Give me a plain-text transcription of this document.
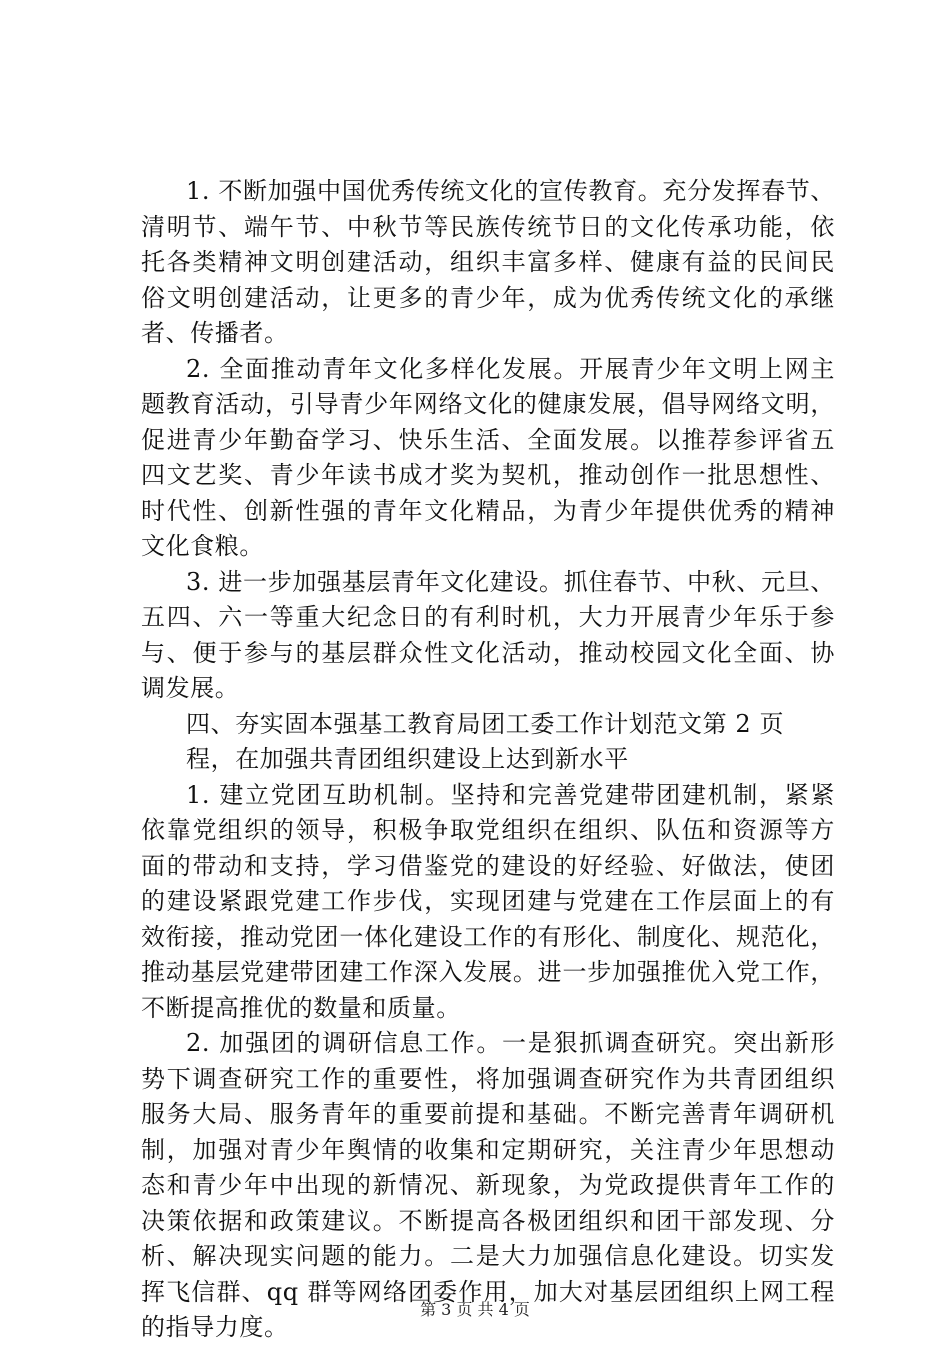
1. 不断加强中国优秀传统文化的宣传教育。充分发挥春节、
清明节、端午节、中秋节等民族传统节日的文化传承功能，依
托各类精神文明创建活动，组织丰富多样、健康有益的民间民
俗文明创建活动，让更多的青少年，成为优秀传统文化的承继
者、传播者。
2. 全面推动青年文化多样化发展。开展青少年文明上网主
题教育活动，引导青少年网络文化的健康发展，倡导网络文明，
促进青少年勤奋学习、快乐生活、全面发展。以推荐参评省五
四文艺奖、青少年读书成才奖为契机，推动创作一批思想性、
时代性、创新性强的青年文化精品，为青少年提供优秀的精神
文化食粮。
3. 进一步加强基层青年文化建设。抓住春节、中秋、元旦、
五四、六一等重大纪念日的有利时机，大力开展青少年乐于参
与、便于参与的基层群众性文化活动，推动校园文化全面、协
调发展。
四、夯实固本强基工教育局团工委工作计划范文第 2 页
程，在加强共青团组织建设上达到新水平
1. 建立党团互助机制。坚持和完善党建带团建机制，紧紧
依靠党组织的领导，积极争取党组织在组织、队伍和资源等方
面的带动和支持，学习借鉴党的建设的好经验、好做法，使团
的建设紧跟党建工作步伐，实现团建与党建在工作层面上的有
效衔接，推动党团一体化建设工作的有形化、制度化、规范化，
推动基层党建带团建工作深入发展。进一步加强推优入党工作，
不断提高推优的数量和质量。
2. 加强团的调研信息工作。一是狠抓调查研究。突出新形
势下调查研究工作的重要性，将加强调查研究作为共青团组织
服务大局、服务青年的重要前提和基础。不断完善青年调研机
制，加强对青少年舆情的收集和定期研究，关注青少年思想动
态和青少年中出现的新情况、新现象，为党政提供青年工作的
决策依据和政策建议。不断提高各极团组织和团干部发现、分
析、解决现实问题的能力。二是大力加强信息化建设。切实发
挥飞信群、qq 群等网络团委作用，加大对基层团组织上网工程
的指导力度。
第 3 页 共 4 页
